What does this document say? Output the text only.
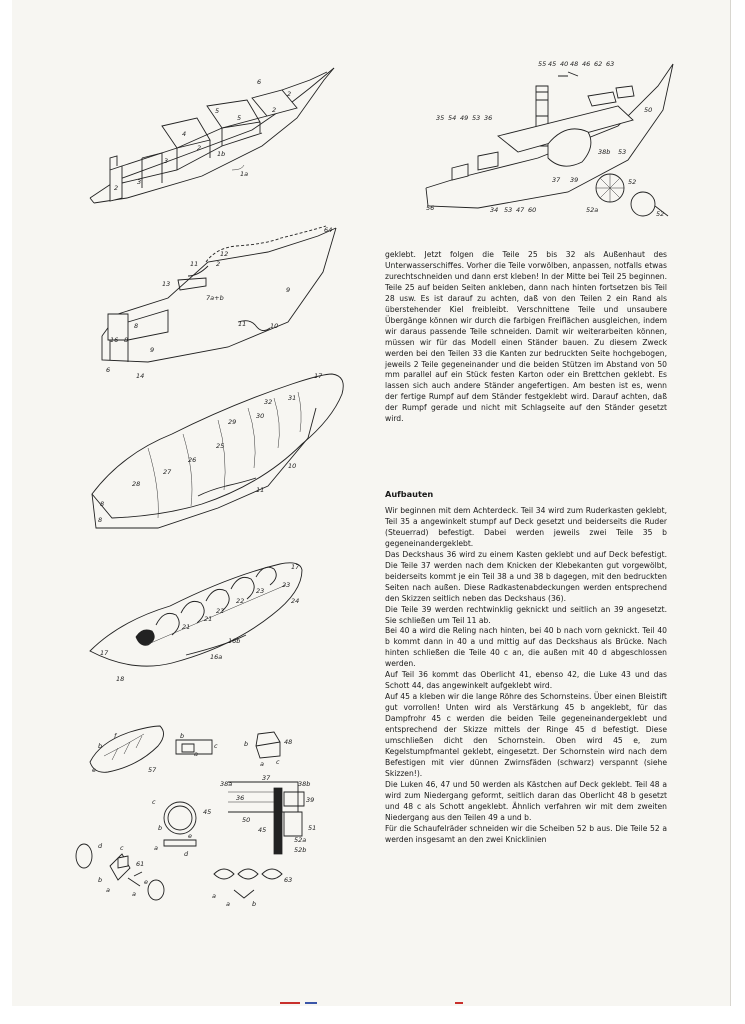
6
2
2
5
5
4
2
1b
3
2
3
1a
11
12
2
13
7a+b
9
11	10
16 8
9
8
6
14
64
17
31
32
30
29
25
26
27
28
8
10
11
8
17
23
23
22
22
21
21
24
16b
16a
17
18
55 45 40 48 46 62 63
35 54 49 53 36
50
38b 53
37 39
34 53 47 60	52a
52
52
56
b
f
e	57
b
a
c	48
a
b
c
45
c
b
a
d
e
38a
37
38b
36	39
51
52a
52b
50
45
d	c
61
b
a	a
e	63
a
a	b

geklebt. Jetzt folgen die Teile 25 bis 32 als Außenhaut des Unterwasserschiffes. Vorher die Teile vorwölben, anpassen, notfalls etwas zurechtschneiden und dann erst kleben! In der Mitte bei Teil 25 beginnen. Teile 25 auf beiden Seiten ankleben, dann nach hinten fortsetzen bis Teil 28 usw. Es ist darauf zu achten, daß von den Teilen 2 ein Rand als überstehender Kiel freibleibt. Verschnittene Teile und unsaubere Übergänge können wir durch die farbigen Freiflächen ausgleichen, indem wir daraus passende Teile schneiden. Damit wir weiterarbeiten können, müssen wir für das Modell einen Ständer bauen. Zu diesem Zweck werden bei den Teilen 33 die Kanten zur bedruckten Seite hochgebogen, jeweils 2 Teile gegeneinander und die beiden Stützen im Abstand von 50 mm parallel auf ein Stück festen Karton oder ein Brettchen geklebt. Es lassen sich auch andere Ständer angefertigen. Am besten ist es, wenn der fertige Rumpf auf dem Ständer festgeklebt wird. Darauf achten, daß der Rumpf gerade und nicht mit Schlagseite auf den Ständer gesetzt wird.

Aufbauten

Wir beginnen mit dem Achterdeck. Teil 34 wird zum Ruderkasten geklebt, Teil 35 a angewinkelt stumpf auf Deck gesetzt und beiderseits die Ruder (Steuerrad) befestigt. Dabei werden jeweils zwei Teile 35 b gegeneinandergeklebt.

Das Deckshaus 36 wird zu einem Kasten geklebt und auf Deck befestigt. Die Teile 37 werden nach dem Knicken der Klebekanten gut vorgewölbt, beiderseits kommt je ein Teil 38 a und 38 b dagegen, mit den bedruckten Seiten nach außen. Diese Radkastenabdeckungen werden entsprechend den Skizzen seitlich neben das Deckshaus (36).

Die Teile 39 werden rechtwinklig geknickt und seitlich an 39 angesetzt. Sie schließen um Teil 11 ab.

Bei 40 a wird die Reling nach hinten, bei 40 b nach vorn geknickt. Teil 40 b kommt dann in 40 a und mittig auf das Deckshaus als Brücke. Nach hinten schließen die Teile 40 c an, die außen mit 40 d abgeschlossen werden.

Auf Teil 36 kommt das Oberlicht 41, ebenso 42, die Luke 43 und das Schott 44, das angewinkelt aufgeklebt wird.

Auf 45 a kleben wir die lange Röhre des Schornsteins. Über einen Bleistift gut vorrollen! Unten wird als Verstärkung 45 b angeklebt, für das Dampfrohr 45 c werden die beiden Teile gegeneinandergeklebt und entsprechend der Skizze mittels der Ringe 45 d befestigt. Diese umschließen dicht den Schornstein. Oben wird 45 e, zum Kegelstumpfmantel geklebt, eingesetzt. Der Schornstein wird nach dem Befestigen mit vier dünnen Zwirnsfäden (schwarz) verspannt (siehe Skizzen!).

Die Luken 46, 47 und 50 werden als Kästchen auf Deck geklebt. Teil 48 a wird zum Niedergang geformt, seitlich daran das Oberlicht 48 b gesetzt und 48 c als Schott angeklebt. Ähnlich verfahren wir mit dem zweiten Niedergang aus den Teilen 49 a und b.

Für die Schaufelräder schneiden wir die Scheiben 52 b aus. Die Teile 52 a werden insgesamt an den zwei Knicklinien
